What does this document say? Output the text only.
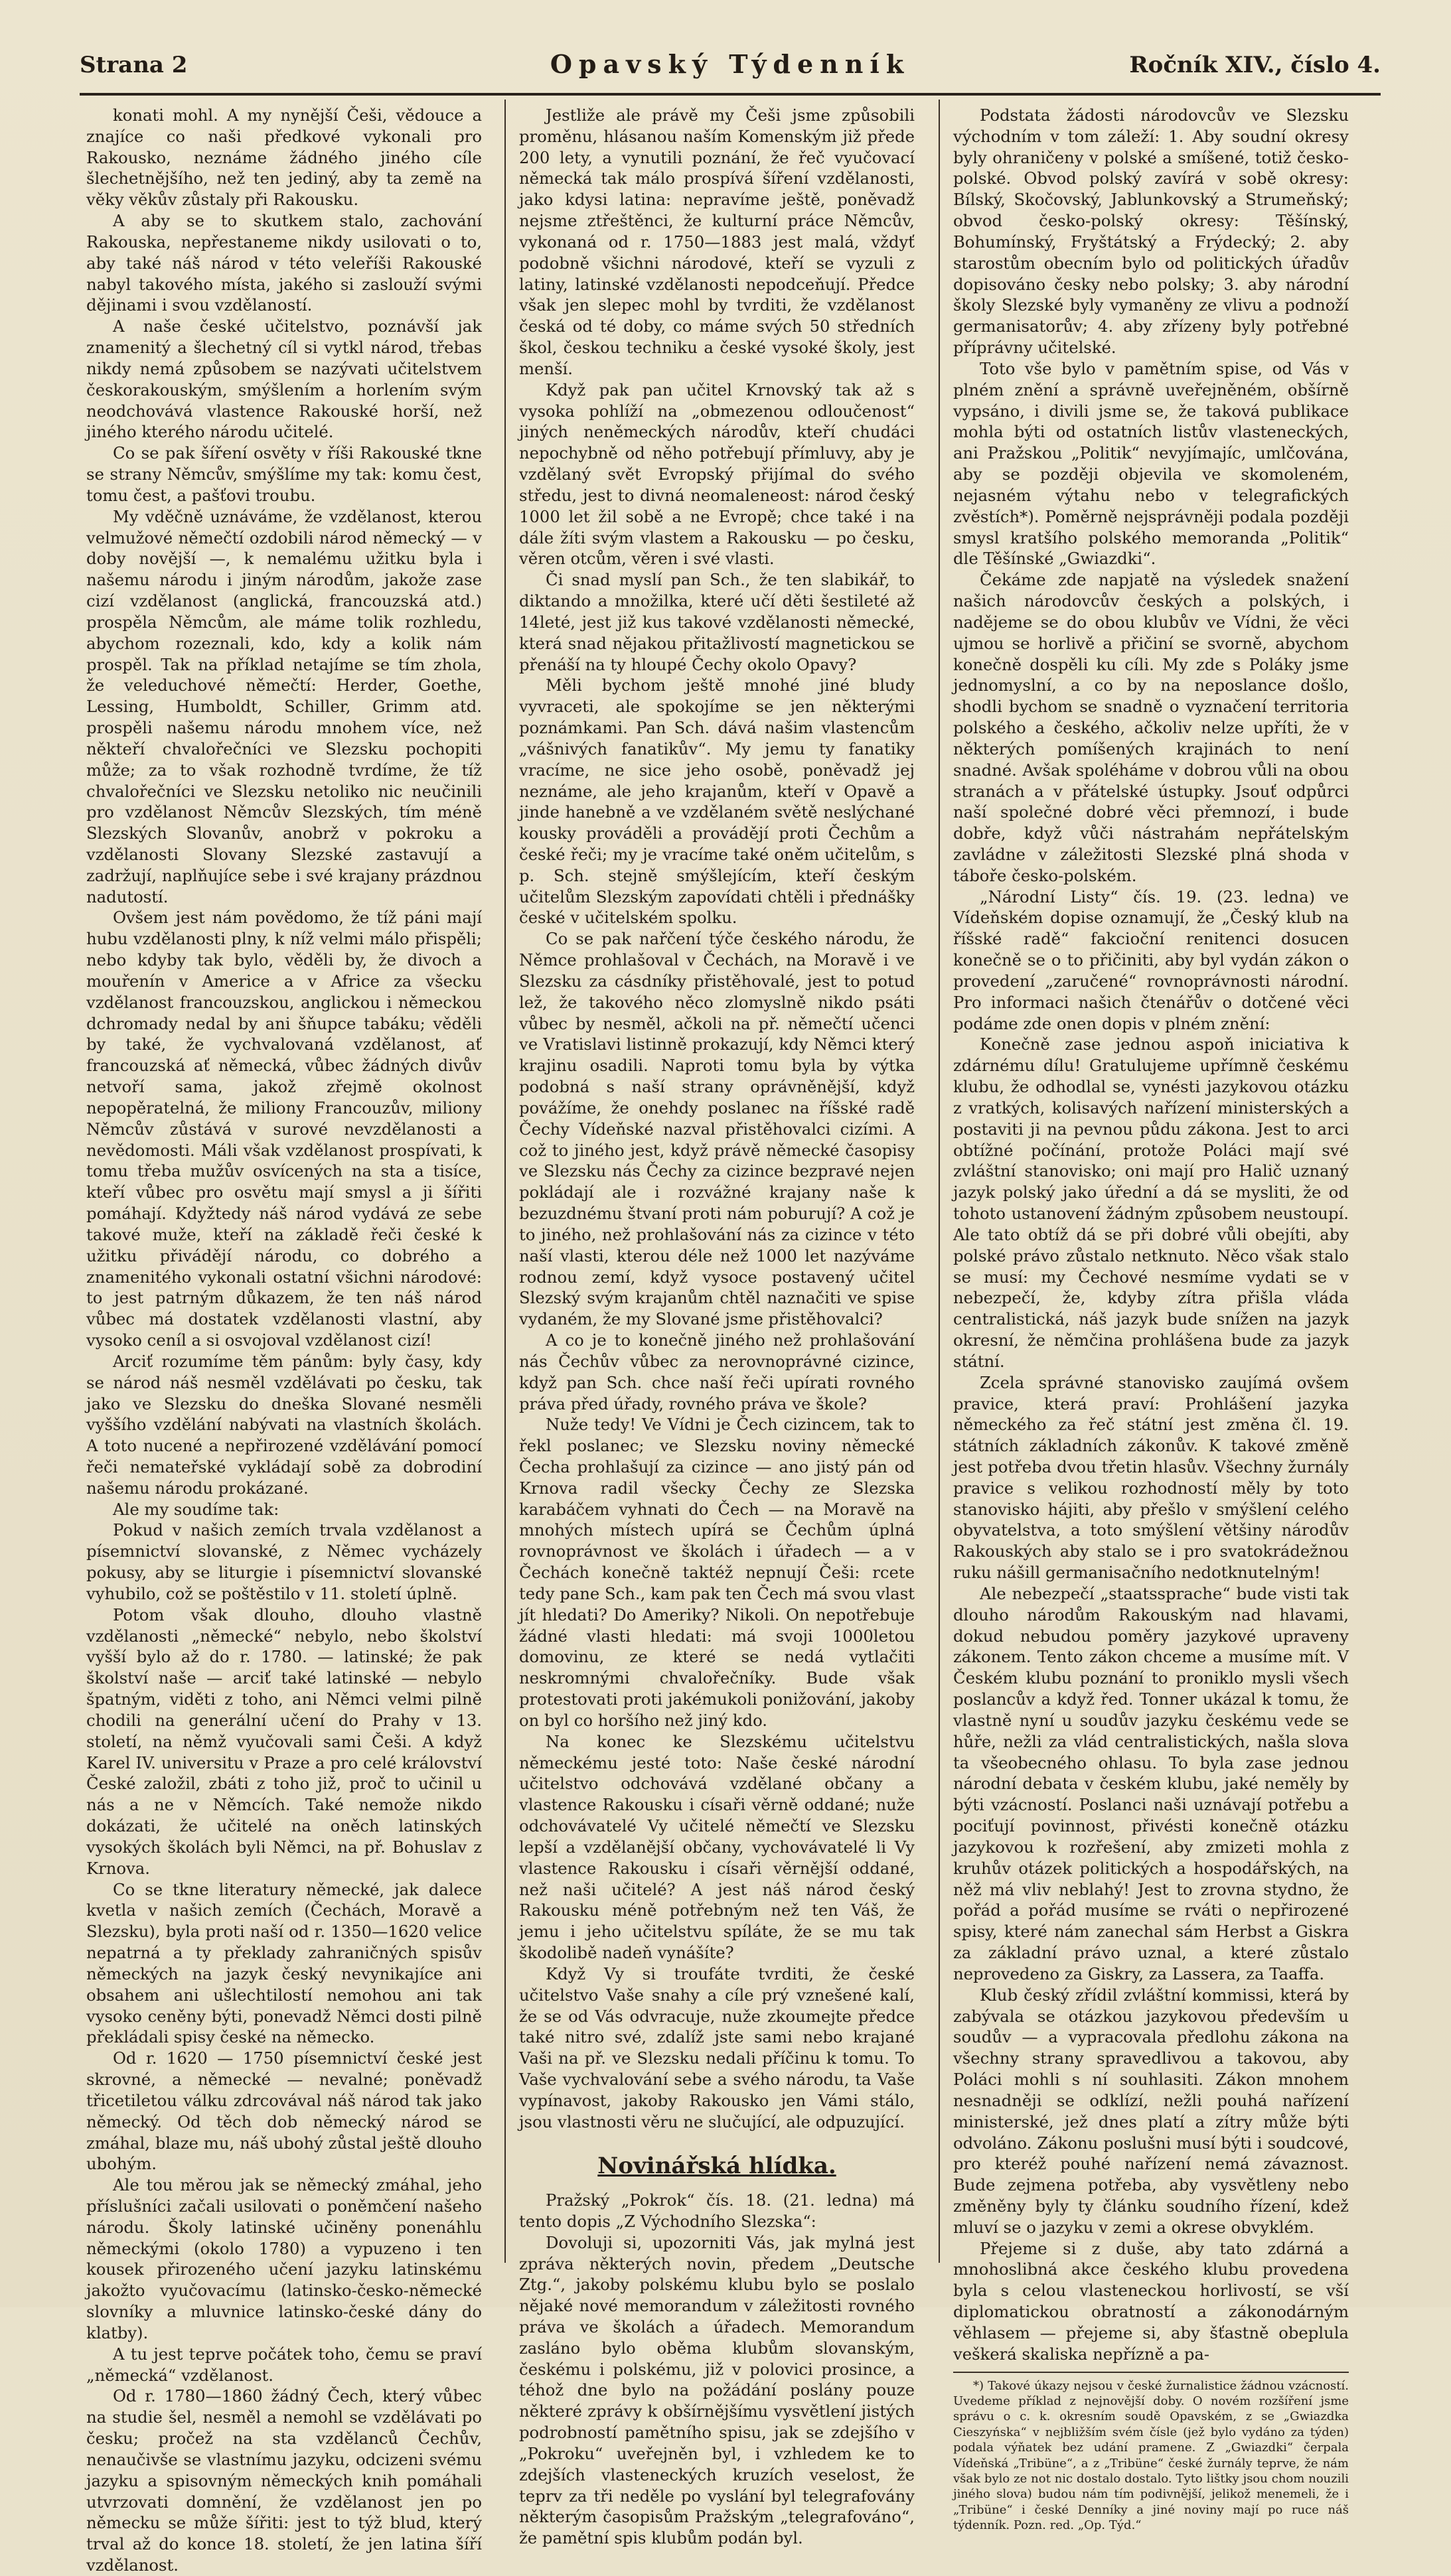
Strana 2	Opavský Týdenník	Ročník XIV., číslo 4.

konati mohl. A my nynější Češi, vědouce a znajíce co naši předkové vykonali pro Rakousko, neznáme žádného jiného cíle šlechetnějšího, než ten jediný, aby ta země na věky věkův zůstaly při Rakousku.

A aby se to skutkem stalo, zachování Rakouska, nepřestaneme nikdy usilovati o to, aby také náš národ v této veleříši Rakouské nabyl takového místa, jakého si zaslouží svými dějinami i svou vzdělaností.

A naše české učitelstvo, poznávší jak znamenitý a šlechetný cíl si vytkl národ, třebas nikdy nemá způsobem se nazývati učitelstvem českorakouským, smýšlením a horlením svým neodchovává vlastence Rakouské horší, než jiného kterého národu učitelé.

Co se pak šíření osvěty v říši Rakouské tkne se strany Němcův, smýšlíme my tak: komu čest, tomu čest, a pašťovi troubu.

My vděčně uznáváme, že vzdělanost, kterou velmužové němečtí ozdobili národ německý — v doby novější —, k nemalému užitku byla i našemu národu i jiným národům, jakože zase cizí vzdělanost (anglická, francouzská atd.) prospěla Němcům, ale máme tolik rozhledu, abychom rozeznali, kdo, kdy a kolik nám prospěl. Tak na příklad netajíme se tím zhola, že veleduchové němečtí: Herder, Goethe, Lessing, Humboldt, Schiller, Grimm atd. prospěli našemu národu mnohem více, než někteří chvalořečníci ve Slezsku pochopiti může; za to však rozhodně tvrdíme, že tíž chvalořečníci ve Slezsku netoliko nic neučinili pro vzdělanost Němcův Slezských, tím méně Slezských Slovanův, anobrž v pokroku a vzdělanosti Slovany Slezské zastavují a zadržují, naplňujíce sebe i své krajany prázdnou nadutostí.

Ovšem jest nám povědomo, že tíž páni mají hubu vzdělanosti plny, k níž velmi málo přispěli; nebo kdyby tak bylo, věděli by, že divoch a mouřenín v Americe a v Africe za všecku vzdělanost francouzskou, anglickou i německou dchromady nedal by ani šňupce tabáku; věděli by také, že vychvalovaná vzdělanost, ať francouzská ať německá, vůbec žádných divův netvoří sama, jakož zřejmě okolnost nepopěratelná, že miliony Francouzův, miliony Němcův zůstává v surové nevzdělanosti a nevědomosti. Máli však vzdělanost prospívati, k tomu třeba mužův osvícených na sta a tisíce, kteří vůbec pro osvětu mají smysl a ji šířiti pomáhají. Kdyžtedy náš národ vydává ze sebe takové muže, kteří na základě řeči české k užitku přivádějí národu, co dobrého a znamenitého vykonali ostatní všichni národové: to jest patrným důkazem, že ten náš národ vůbec má dostatek vzdělanosti vlastní, aby vysoko ceníl a si osvojoval vzdělanost cizí!

Arciť rozumíme těm pánům: byly časy, kdy se národ náš nesměl vzdělávati po česku, tak jako ve Slezsku do dneška Slované nesměli vyššího vzdělání nabývati na vlastních školách. A toto nucené a nepřirozené vzdělávání pomocí řeči nemateřské vykládají sobě za dobrodiní našemu národu prokázané.

Ale my soudíme tak:

Pokud v našich zemích trvala vzdělanost a písemnictví slovanské, z Němec vycházely pokusy, aby se liturgie i písemnictví slovanské vyhubilo, což se poštěstilo v 11. století úplně.

Potom však dlouho, dlouho vlastně vzdělanosti „německé“ nebylo, nebo školství vyšší bylo až do r. 1780. — latinské; že pak školství naše — arciť také latinské — nebylo špatným, viděti z toho, ani Němci velmi pilně chodili na generální učení do Prahy v 13. století, na němž vyučovali sami Češi. A když Karel IV. universitu v Praze a pro celé království České založil, zbáti z toho již, proč to učinil u nás a ne v Němcích. Také nemože nikdo dokázati, že učitelé na oněch latinských vysokých školách byli Němci, na př. Bohuslav z Krnova.

Co se tkne literatury německé, jak dalece kvetla v našich zemích (Čechách, Moravě a Slezsku), byla proti naší od r. 1350—1620 velice nepatrná a ty překlady zahraničných spisův německých na jazyk český nevynikajíce ani obsahem ani ušlechtilostí nemohou ani tak vysoko ceněny býti, ponevadž Němci dosti pilně překládali spisy české na německo.

Od r. 1620 — 1750 písemnictví české jest skrovné, a německé — nevalné; poněvadž třicetiletou válku zdrcovával náš národ tak jako německý. Od těch dob německý národ se zmáhal, blaze mu, náš ubohý zůstal ještě dlouho ubohým.

Ale tou měrou jak se německý zmáhal, jeho příslušníci začali usilovati o poněmčení našeho národu. Školy latinské učiněny ponenáhlu německými (okolo 1780) a vypuzeno i ten kousek přirozeného učení jazyku latinskému jakožto vyučovacímu (latinsko-česko-německé slovníky a mluvnice latinsko-české dány do klatby).

A tu jest teprve počátek toho, čemu se praví „německá“ vzdělanost.

Od r. 1780—1860 žádný Čech, který vůbec na studie šel, nesměl a nemohl se vzdělávati po česku; pročež na sta vzdělanců Čechův, nenaučivše se vlastnímu jazyku, odcizeni svému jazyku a spisovným německých knih pomáhali utvrzovati domnění, že vzdělanost jen po německu se může šířiti: jest to týž blud, který trval až do konce 18. století, že jen latina šíří vzdělanost.

Jestliže ale právě my Češi jsme způsobili proměnu, hlásanou naším Komenským již přede 200 lety, a vynutili poznání, že řeč vyučovací německá tak málo prospívá šíření vzdělanosti, jako kdysi latina: nepravíme ještě, poněvadž nejsme ztřeštěnci, že kulturní práce Němcův, vykonaná od r. 1750—1883 jest malá, vždyť podobně všichni národové, kteří se vyzuli z latiny, latinské vzdělanosti nepodceňují. Předce však jen slepec mohl by tvrditi, že vzdělanost česká od té doby, co máme svých 50 středních škol, českou techniku a české vysoké školy, jest menší.

Když pak pan učitel Krnovský tak až s vysoka pohlíží na „obmezenou odloučenost“ jiných neněmeckých národův, kteří chudáci nepochybně od něho potřebují přímluvy, aby je vzdělaný svět Evropský přijímal do svého středu, jest to divná neomaleneost: národ český 1000 let žil sobě a ne Evropě; chce také i na dále žíti svým vlastem a Rakousku — po česku, věren otcům, věren i své vlasti.

Či snad myslí pan Sch., že ten slabikář, to diktando a množilka, které učí děti šestileté až 14leté, jest již kus takové vzdělanosti německé, která snad nějakou přitažlivostí magnetickou se přenáší na ty hloupé Čechy okolo Opavy?

Měli bychom ještě mnohé jiné bludy vyvraceti, ale spokojíme se jen některými poznámkami. Pan Sch. dává našim vlastencům „vášnivých fanatikův“. My jemu ty fanatiky vracíme, ne sice jeho osobě, poněvadž jej neznáme, ale jeho krajanům, kteří v Opavě a jinde hanebně a ve vzdělaném světě neslýchané kousky prováděli a provádějí proti Čechům a české řeči; my je vracíme také oněm učitelům, s p. Sch. stejně smýšlejícím, kteří českým učitelům Slezským zapovídati chtěli i přednášky české v učitelském spolku.

Co se pak nařčení týče českého národu, že Němce prohlašoval v Čechách, na Moravě i ve Slezsku za cásdníky přistěhovalé, jest to potud lež, že takového něco zlomyslně nikdo psáti vůbec by nesměl, ačkoli na př. němečtí učenci ve Vratislavi listinně prokazují, kdy Němci který krajinu osadili. Naproti tomu byla by výtka podobná s naší strany oprávněnější, když povážíme, že onehdy poslanec na říšské radě Čechy Vídeňské nazval přistěhovalci cizími. A což to jiného jest, když právě německé časopisy ve Slezsku nás Čechy za cizince bezpravé nejen pokládají ale i rozvážné krajany naše k bezuzdnému štvaní proti nám poburují? A což je to jiného, než prohlašování nás za cizince v této naší vlasti, kterou déle než 1000 let nazýváme rodnou zemí, když vysoce postavený učitel Slezský svým krajanům chtěl naznačiti ve spise vydaném, že my Slované jsme přistěhovalci?

A co je to konečně jiného než prohlašování nás Čechův vůbec za nerovnoprávné cizince, když pan Sch. chce naší řeči upírati rovného práva před úřady, rovného práva ve škole?

Nuže tedy! Ve Vídni je Čech cizincem, tak to řekl poslanec; ve Slezsku noviny německé Čecha prohlašují za cizince — ano jistý pán od Krnova radil všecky Čechy ze Slezska karabáčem vyhnati do Čech — na Moravě na mnohých místech upírá se Čechům úplná rovnoprávnost ve školách i úřadech — a v Čechách konečně taktéž nepnují Češi: rcete tedy pane Sch., kam pak ten Čech má svou vlast jít hledati? Do Ameriky? Nikoli. On nepotřebuje žádné vlasti hledati: má svoji 1000letou domovinu, ze které se nedá vytlačiti neskromnými chvalořečníky. Bude však protestovati proti jakémukoli ponižování, jakoby on byl co horšího než jiný kdo.

Na konec ke Slezskému učitelstvu německému jesté toto: Naše české národní učitelstvo odchovává vzdělané občany a vlastence Rakousku i císaři věrně oddané; nuže odchovávatelé Vy učitelé němečtí ve Slezsku lepší a vzdělanější občany, vychovávatelé li Vy vlastence Rakousku i císaři věrnější oddané, než naši učitelé? A jest náš národ český Rakousku méně potřebným než ten Váš, že jemu i jeho učitelstvu spíláte, že se mu tak škodolibě nadeň vynášíte?

Když Vy si troufáte tvrditi, že české učitelstvo Vaše snahy a cíle prý vznešené kalí, že se od Vás odvracuje, nuže zkoumejte předce také nitro své, zdalíž jste sami nebo krajané Vaši na př. ve Slezsku nedali příčinu k tomu. To Vaše vychvalování sebe a svého národu, ta Vaše vypínavost, jakoby Rakousko jen Vámi stálo, jsou vlastnosti věru ne slučující, ale odpuzující.

Novinářská hlídka.

Pražský „Pokrok“ čís. 18. (21. ledna) má tento dopis „Z Východního Slezska“:

Dovoluji si, upozorniti Vás, jak mylná jest zpráva některých novin, předem „Deutsche Ztg.“, jakoby polskému klubu bylo se poslalo nějaké nové memorandum v záležitosti rovného práva ve školách a úřadech. Memorandum zasláno bylo oběma klubům slovanským, českému i polskému, již v polovici prosince, a téhož dne bylo na požádání poslány pouze některé zprávy k obšírnějšímu vysvětlení jistých podrobností pamětního spisu, jak se zdejšího v „Pokroku“ uveřejněn byl, i vzhledem ke to zdejších vlasteneckých kruzích veselost, že teprv za tři neděle po vyslání byl telegrafovány některým časopisům Pražským „telegrafováno“, že pamětní spis klubům podán byl.

Podstata žádosti národovcův ve Slezsku východním v tom záleží: 1. Aby soudní okresy byly ohraničeny v polské a smíšené, totiž česko-polské. Obvod polský zavírá v sobě okresy: Bílský, Skočovský, Jablunkovský a Strumeňský; obvod česko-polský okresy: Těšínský, Bohumínský, Fryštátský a Frýdecký; 2. aby starostům obecním bylo od politických úřadův dopisováno česky nebo polsky; 3. aby národní školy Slezské byly vymaněny ze vlivu a podnoží germanisatorův; 4. aby zřízeny byly potřebné příprávny učitelské.

Toto vše bylo v pamětním spise, od Vás v plném znění a správně uveřejněném, obšírně vypsáno, i divili jsme se, že taková publikace mohla býti od ostatních listův vlasteneckých, ani Pražskou „Politik“ nevyjímajíc, umlčována, aby se později objevila ve skomoleném, nejasném výtahu nebo v telegrafických zvěstích*). Poměrně nejsprávněji podala později smysl kratšího polského memoranda „Politik“ dle Těšínské „Gwiazdki“.

Čekáme zde napjatě na výsledek snažení našich národovcův českých a polských, i nadějeme se do obou klubův ve Vídni, že věci ujmou se horlivě a přičiní se svorně, abychom konečně dospěli ku cíli. My zde s Poláky jsme jednomyslní, a co by na neposlance došlo, shodli bychom se snadně o vyznačení territoria polského a českého, ačkoliv nelze upříti, že v některých pomíšených krajinách to není snadné. Avšak spoléháme v dobrou vůli na obou stranách a v přátelské ústupky. Jsouť odpůrci naší společné dobré věci přemnozí, i bude dobře, když vůči nástrahám nepřátelským zavládne v záležitosti Slezské plná shoda v táboře česko-polském.

„Národní Listy“ čís. 19. (23. ledna) ve Vídeňském dopise oznamují, že „Český klub na říšské radě“ fakcioční renitenci dosucen konečně se o to přičiniti, aby byl vydán zákon o provedení „zaručené“ rovnoprávnosti národní. Pro informaci našich čtenářův o dotčené věci podáme zde onen dopis v plném znění:

Konečně zase jednou aspoň iniciativa k zdárnému dílu! Gratulujeme upřímně českému klubu, že odhodlal se, vynésti jazykovou otázku z vratkých, kolisavých nařízení ministerských a postaviti ji na pevnou půdu zákona. Jest to arci obtížné počínání, protože Poláci mají své zvláštní stanovisko; oni mají pro Halič uznaný jazyk polský jako úřední a dá se mysliti, že od tohoto ustanovení žádným způsobem neustoupí. Ale tato obtíž dá se při dobré vůli obejíti, aby polské právo zůstalo netknuto. Něco však stalo se musí: my Čechové nesmíme vydati se v nebezpečí, že, kdyby zítra přišla vláda centralistická, náš jazyk bude snížen na jazyk okresní, že němčina prohlášena bude za jazyk státní.

Zcela správné stanovisko zaujímá ovšem pravice, která praví: Prohlášení jazyka německého za řeč státní jest změna čl. 19. státních základních zákonův. K takové změně jest potřeba dvou třetin hlasův. Všechny žurnály pravice s velikou rozhodností měly by toto stanovisko hájiti, aby přešlo v smýšlení celého obyvatelstva, a toto smýšlení většiny národův Rakouských aby stalo se i pro svatokrádežnou ruku nášill germanisačního nedotknutelným!

Ale nebezpečí „staatssprache“ bude visti tak dlouho národům Rakouským nad hlavami, dokud nebudou poměry jazykové upraveny zákonem. Tento zákon chceme a musíme mít. V Českém klubu poznání to proniklo mysli všech poslancův a když řed. Tonner ukázal k tomu, že vlastně nyní u soudův jazyku českému vede se hůře, nežli za vlád centralistických, našla slova ta všeobecného ohlasu. To byla zase jednou národní debata v českém klubu, jaké neměly by býti vzácností. Poslanci naši uznávají potřebu a pociťují povinnost, přivésti konečně otázku jazykovou k rozřešení, aby zmizeti mohla z kruhův otázek politických a hospodářských, na něž má vliv neblahý! Jest to zrovna stydno, že pořád a pořád musíme se rváti o nepřirozené spisy, které nám zanechal sám Herbst a Giskra za základní právo uznal, a které zůstalo neprovedeno za Giskry, za Lassera, za Taaffa.

Klub český zřídil zvláštní kommissi, která by zabývala se otázkou jazykovou především u soudův — a vypracovala předlohu zákona na všechny strany spravedlivou a takovou, aby Poláci mohli s ní souhlasiti. Zákon mnohem nesnadněji se odklízí, nežli pouhá nařízení ministerské, jež dnes platí a zítry může býti odvoláno. Zákonu poslušni musí býti i soudcové, pro kteréž pouhé nařízení nemá závaznost. Bude zejmena potřeba, aby vysvětleny nebo změněny byly ty článku soudního řízení, kdež mluví se o jazyku v zemi a okrese obvyklém.

Přejeme si z duše, aby tato zdárná a mnohoslibná akce českého klubu provedena byla s celou vlasteneckou horlivostí, se vší diplomatickou obratností a zákonodárným věhlasem — přejeme si, aby šťastně obeplula veškerá skaliska nepřízně a pa-

*) Takové úkazy nejsou v české žurnalistice žádnou vzácností. Uvedeme příklad z nejnovější doby. O novém rozšíření jsme správu o c. k. okresním soudě Opavském, z se „Gwiazdka Cieszyńska“ v nejbližším svém čísle (jež bylo vydáno za týden) podala výňatek bez udání pramene. Z „Gwiazdki“ čerpala Vídeňská „Tribüne“, a z „Tribüne“ české žurnály teprve, že nám však bylo ze not nic dostalo dostalo. Tyto lištky jsou chom nouzili jiného slova) budou nám tím podivnější, jelikož menemeli, že i „Tribüne“ i české Denníky a jiné noviny mají po ruce náš týdenník. Pozn. red. „Op. Týd.“
